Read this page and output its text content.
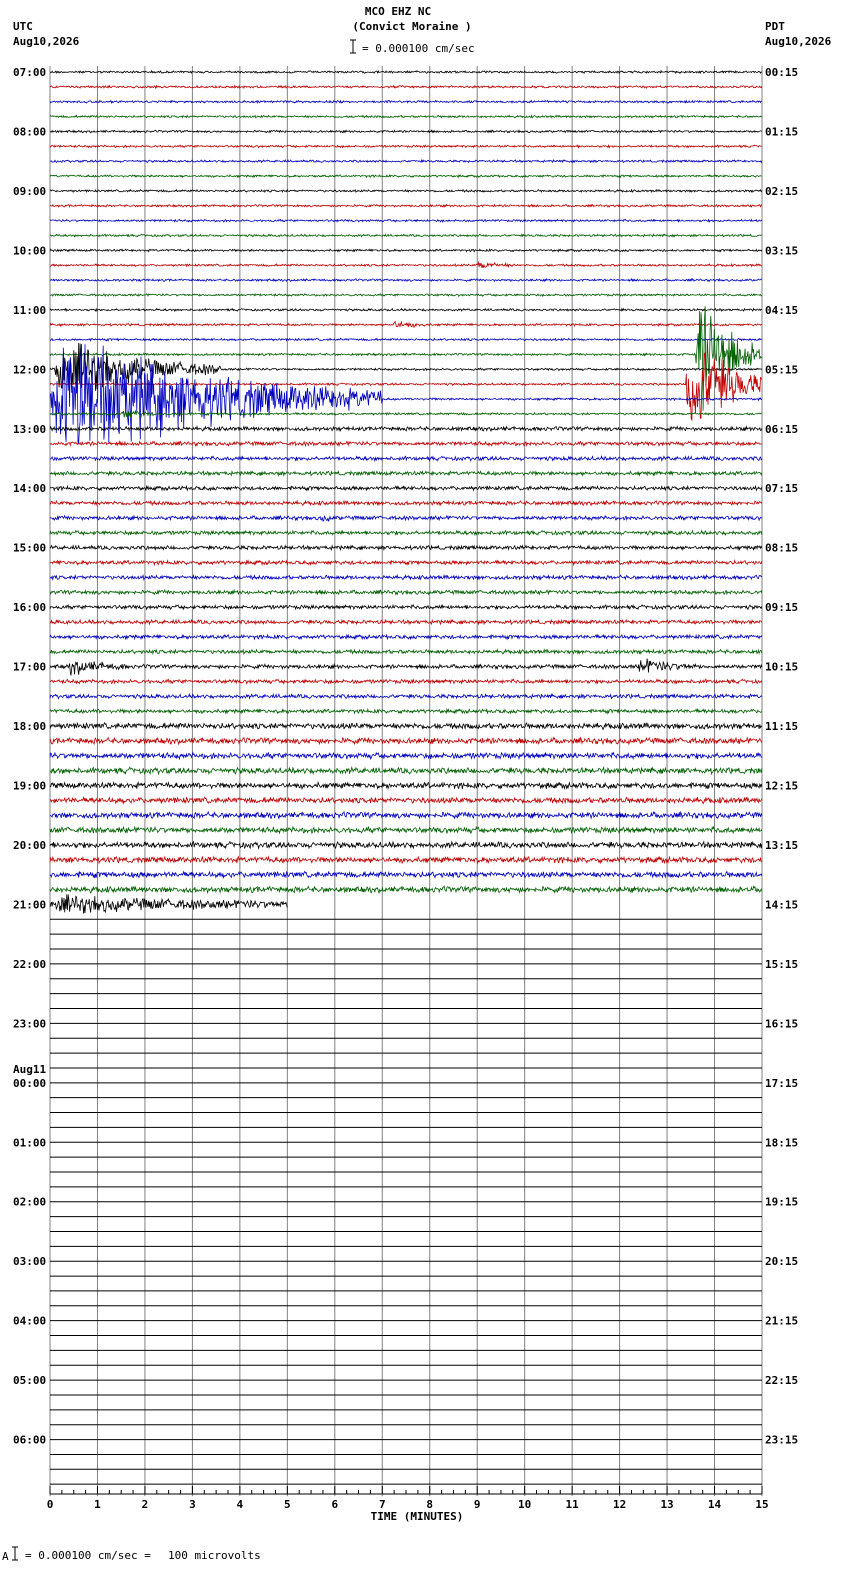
MCO EHZ NC
(Convict Moraine )
= 0.000100 cm/sec
UTC
Aug10,2026
PDT
Aug10,2026
07:00
08:00
09:00
10:00
11:00
12:00
13:00
14:00
15:00
16:00
17:00
18:00
19:00
20:00
21:00
22:00
23:00
00:00
Aug11
01:00
02:00
03:00
04:00
05:00
06:00
00:15
01:15
02:15
03:15
04:15
05:15
06:15
07:15
08:15
09:15
10:15
11:15
12:15
13:15
14:15
15:15
16:15
17:15
18:15
19:15
20:15
21:15
22:15
23:15
0	1	2	3	4	5	6	7	8	9	10	11	12	13	14	15
TIME (MINUTES)
A = 0.000100 cm/sec = 100 microvolts
